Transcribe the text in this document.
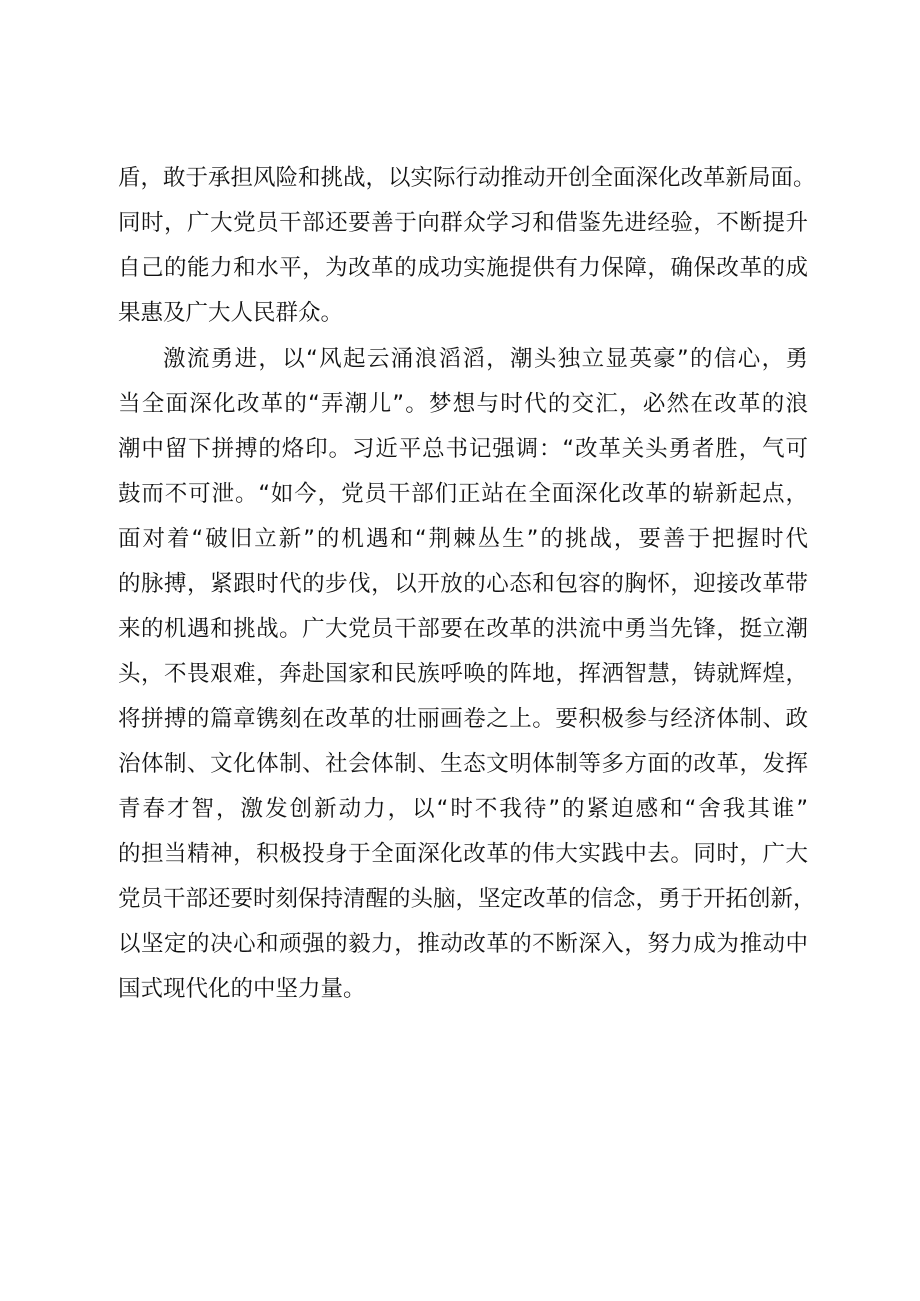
盾，敢于承担风险和挑战，以实际行动推动开创全面深化改革新局面。
同时，广大党员干部还要善于向群众学习和借鉴先进经验，不断提升
自己的能力和水平，为改革的成功实施提供有力保障，确保改革的成
果惠及广大人民群众。
激流勇进，以“风起云涌浪滔滔，潮头独立显英豪”的信心，勇
当全面深化改革的“弄潮儿”。梦想与时代的交汇，必然在改革的浪
潮中留下拼搏的烙印。习近平总书记强调：“改革关头勇者胜，气可
鼓而不可泄。“如今，党员干部们正站在全面深化改革的崭新起点，
面对着“破旧立新”的机遇和“荆棘丛生”的挑战，要善于把握时代
的脉搏，紧跟时代的步伐，以开放的心态和包容的胸怀，迎接改革带
来的机遇和挑战。广大党员干部要在改革的洪流中勇当先锋，挺立潮
头，不畏艰难，奔赴国家和民族呼唤的阵地，挥洒智慧，铸就辉煌，
将拼搏的篇章镌刻在改革的壮丽画卷之上。要积极参与经济体制、政
治体制、文化体制、社会体制、生态文明体制等多方面的改革，发挥
青春才智，激发创新动力，以“时不我待”的紧迫感和“舍我其谁”
的担当精神，积极投身于全面深化改革的伟大实践中去。同时，广大
党员干部还要时刻保持清醒的头脑，坚定改革的信念，勇于开拓创新，
以坚定的决心和顽强的毅力，推动改革的不断深入，努力成为推动中
国式现代化的中坚力量。
